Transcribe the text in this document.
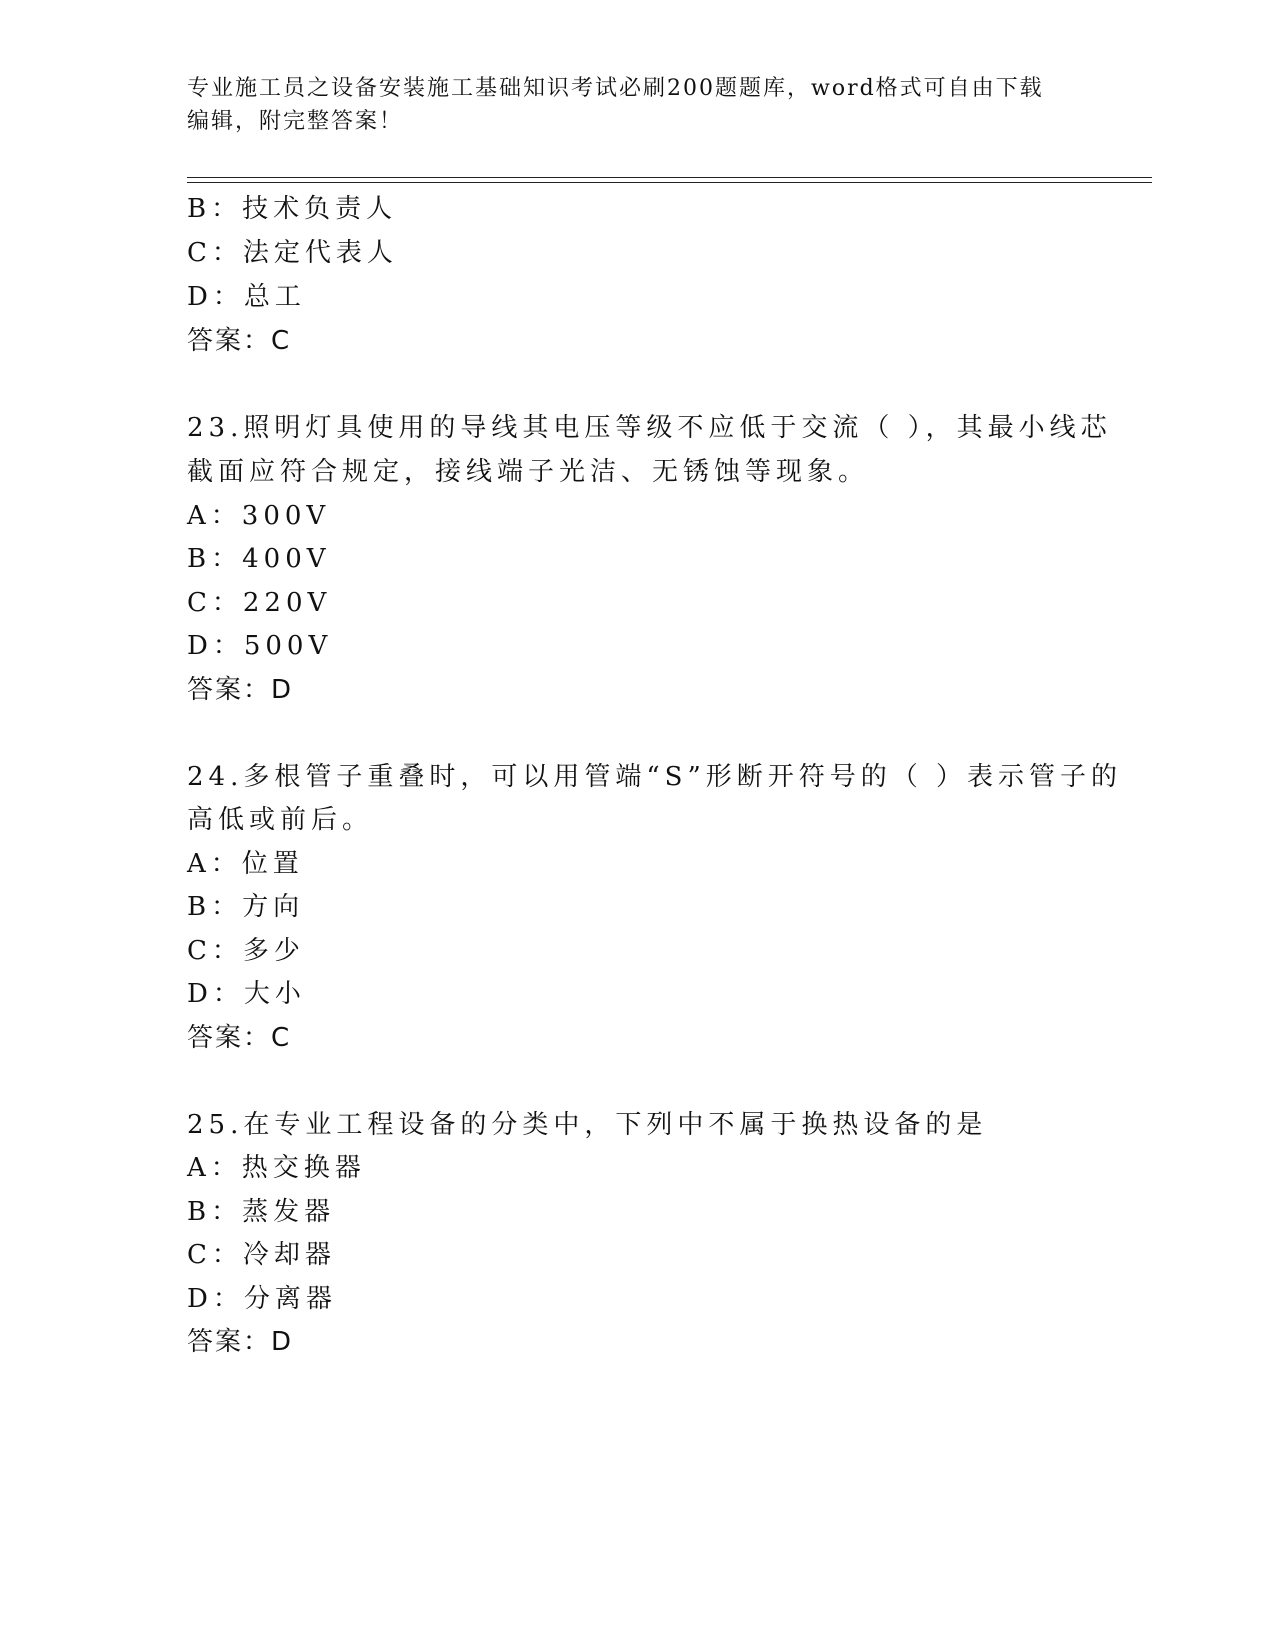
专业施工员之设备安装施工基础知识考试必刷200题题库，word格式可自由下载
编辑，附完整答案！
B：技术负责人
C：法定代表人
D：总工
答案：C
23.照明灯具使用的导线其电压等级不应低于交流（ ），其最小线芯
截面应符合规定，接线端子光洁、无锈蚀等现象。
A：300V
B：400V
C：220V
D：500V
答案：D
24.多根管子重叠时，可以用管端“S”形断开符号的（ ）表示管子的
高低或前后。
A：位置
B：方向
C：多少
D：大小
答案：C
25.在专业工程设备的分类中，下列中不属于换热设备的是
A：热交换器
B：蒸发器
C：冷却器
D：分离器
答案：D
